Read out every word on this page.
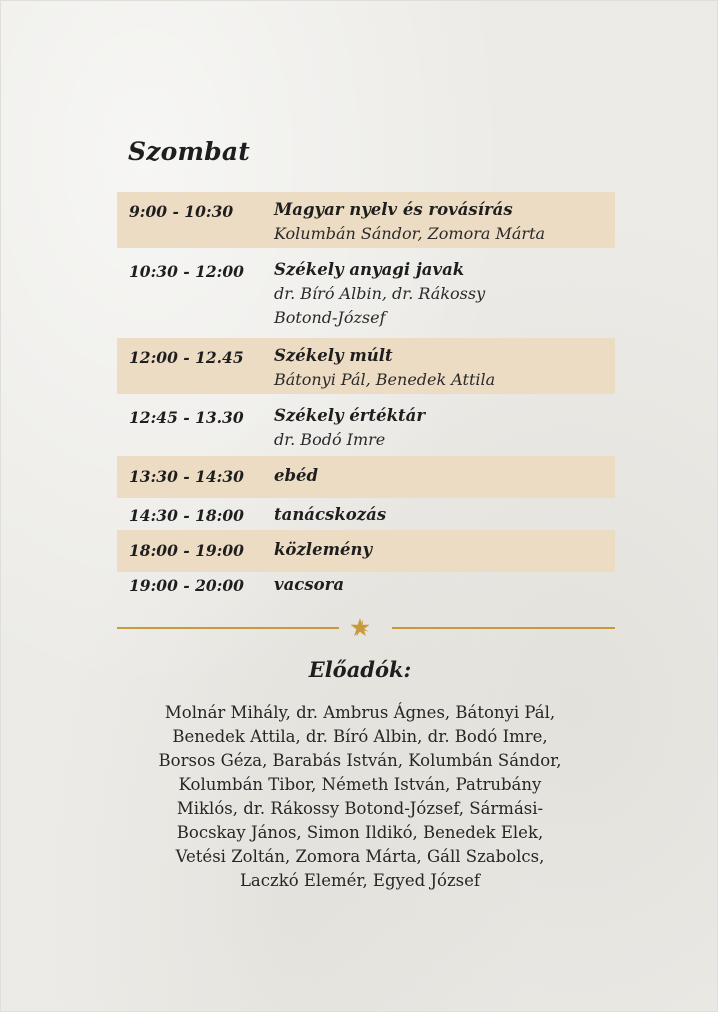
Szombat
9:00 - 10:30 Magyar nyelv és rovásírás
Kolumbán Sándor, Zomora Márta
10:30 - 12:00 Székely anyagi javak
dr. Bíró Albin, dr. Rákossy
Botond-József
12:00 - 12.45 Székely múlt
Bátonyi Pál, Benedek Attila
12:45 - 13.30 Székely értéktár
dr. Bodó Imre
13:30 - 14:30 ebéd
14:30 - 18:00 tanácskozás
18:00 - 19:00 közlemény
19:00 - 20:00 vacsora
Előadók:
Molnár Mihály, dr. Ambrus Ágnes, Bátonyi Pál,
Benedek Attila, dr. Bíró Albin, dr. Bodó Imre,
Borsos Géza, Barabás István, Kolumbán Sándor,
Kolumbán Tibor, Németh István, Patrubány
Miklós, dr. Rákossy Botond-József, Sármási-
Bocskay János, Simon Ildikó, Benedek Elek,
Vetési Zoltán, Zomora Márta, Gáll Szabolcs,
Laczkó Elemér, Egyed József
